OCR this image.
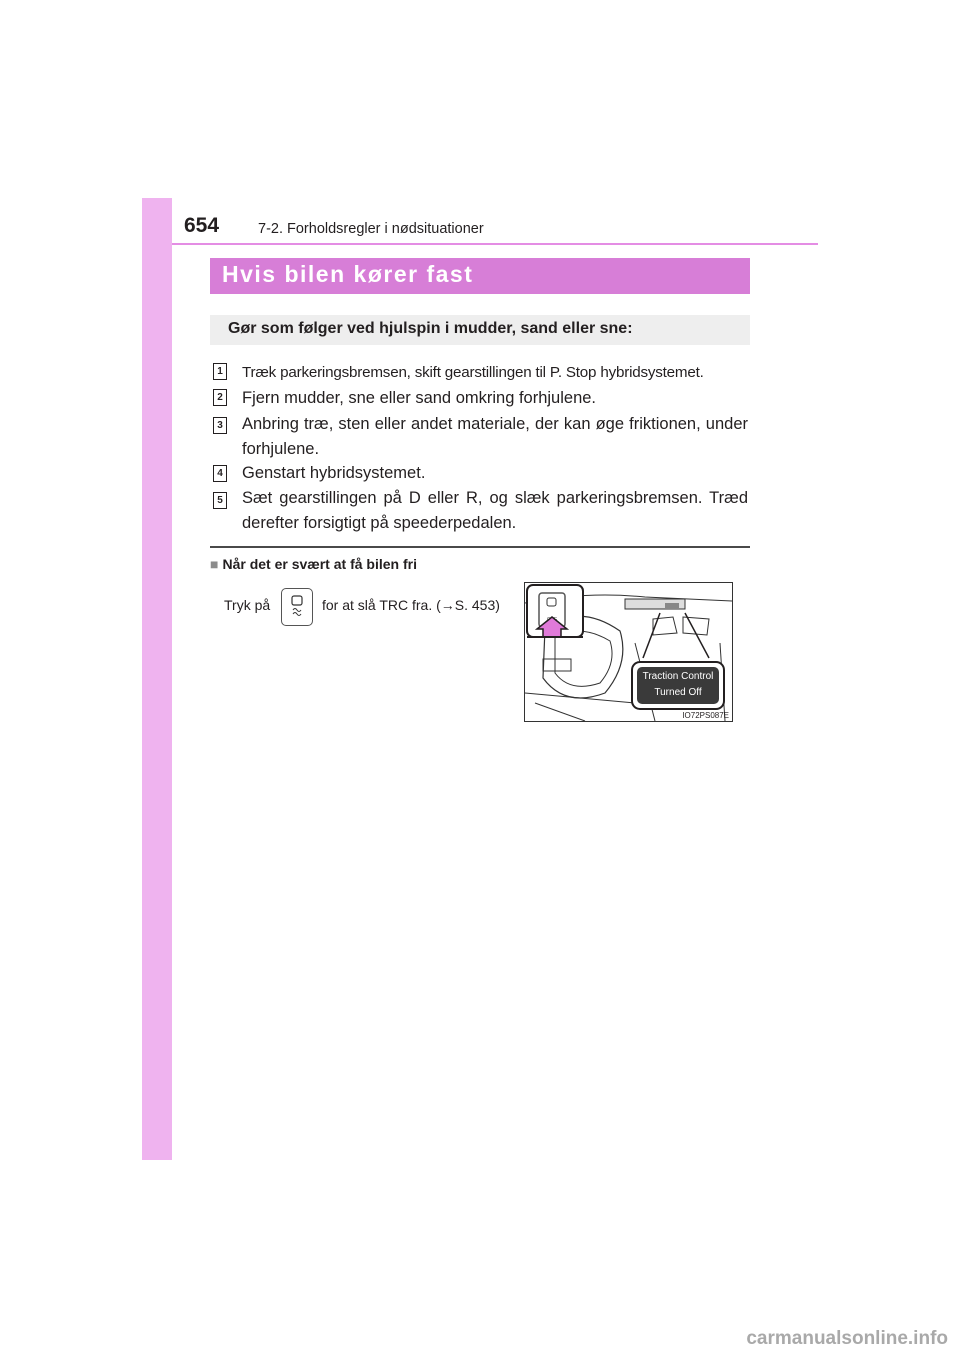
654	7-2. Forholdsregler i nødsituationer
Hvis bilen kører fast
Gør som følger ved hjulspin i mudder, sand eller sne:
1 Træk parkeringsbremsen, skift gearstillingen til P. Stop hybridsystemet.
2 Fjern mudder, sne eller sand omkring forhjulene.
3 Anbring træ, sten eller andet materiale, der kan øge friktionen, under forhjulene.
4 Genstart hybridsystemet.
5 Sæt gearstillingen på D eller R, og slæk parkeringsbremsen. Træd derefter forsigtigt på speederpedalen.
■ Når det er svært at få bilen fri
Tryk på	for at slå TRC fra. (→S. 453)
Traction Control
Turned Off
IO72PS087E
carmanualsonline.info
